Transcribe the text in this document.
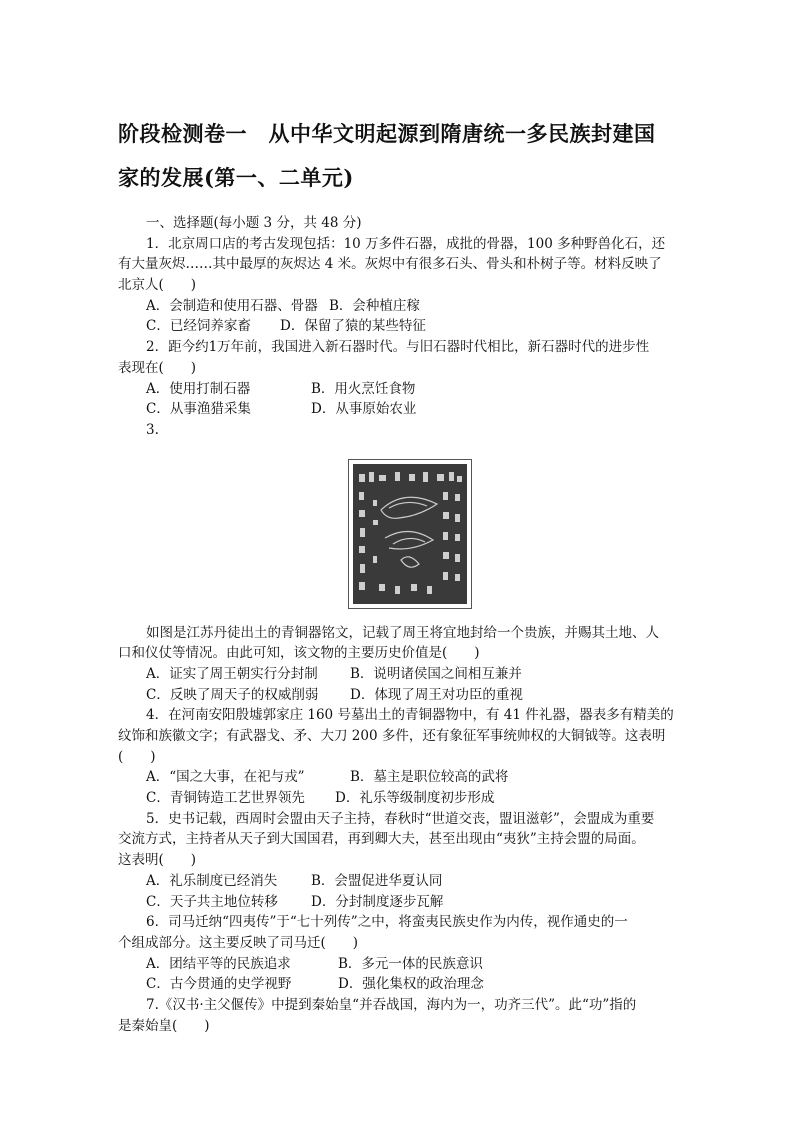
阶段检测卷一　从中华文明起源到隋唐统一多民族封建国
家的发展(第一、二单元)
一、选择题(每小题 3 分，共 48 分)
1．北京周口店的考古发现包括：10 万多件石器，成批的骨器，100 多种野兽化石，还
有大量灰烬……其中最厚的灰烬达 4 米。灰烬中有很多石头、骨头和朴树子等。材料反映了
北京人(　　)
A．会制造和使用石器、骨器 B．会种植庄稼
C．已经饲养家畜	D．保留了猿的某些特征
2．距今约1万年前，我国进入新石器时代。与旧石器时代相比，新石器时代的进步性
表现在(　　)
A．使用打制石器	B．用火烹饪食物
C．从事渔猎采集	D．从事原始农业
3.
如图是江苏丹徒出土的青铜器铭文，记载了周王将宜地封给一个贵族，并赐其土地、人
口和仪仗等情况。由此可知，该文物的主要历史价值是(　　)
A．证实了周王朝实行分封制	B．说明诸侯国之间相互兼并
C．反映了周天子的权威削弱	D．体现了周王对功臣的重视
4．在河南安阳殷墟郭家庄 160 号墓出土的青铜器物中，有 41 件礼器，器表多有精美的
纹饰和族徽文字；有武器戈、矛、大刀 200 多件，还有象征军事统帅权的大铜钺等。这表明
(　　)
A．“国之大事，在祀与戎”	B．墓主是职位较高的武将
C．青铜铸造工艺世界领先	D．礼乐等级制度初步形成
5．史书记载，西周时会盟由天子主持，春秋时“世道交丧，盟诅滋彰”，会盟成为重要
交流方式，主持者从天子到大国国君，再到卿大夫，甚至出现由“夷狄”主持会盟的局面。
这表明(　　)
A．礼乐制度已经消失	B．会盟促进华夏认同
C．天子共主地位转移	D．分封制度逐步瓦解
6．司马迁纳“四夷传”于“七十列传”之中，将蛮夷民族史作为内传，视作通史的一
个组成部分。这主要反映了司马迁(　　)
A．团结平等的民族追求	B．多元一体的民族意识
C．古今贯通的史学视野	D．强化集权的政治理念
7.《汉书·主父偃传》中提到秦始皇“并吞战国，海内为一，功齐三代”。此“功”指的
是秦始皇(　　)
